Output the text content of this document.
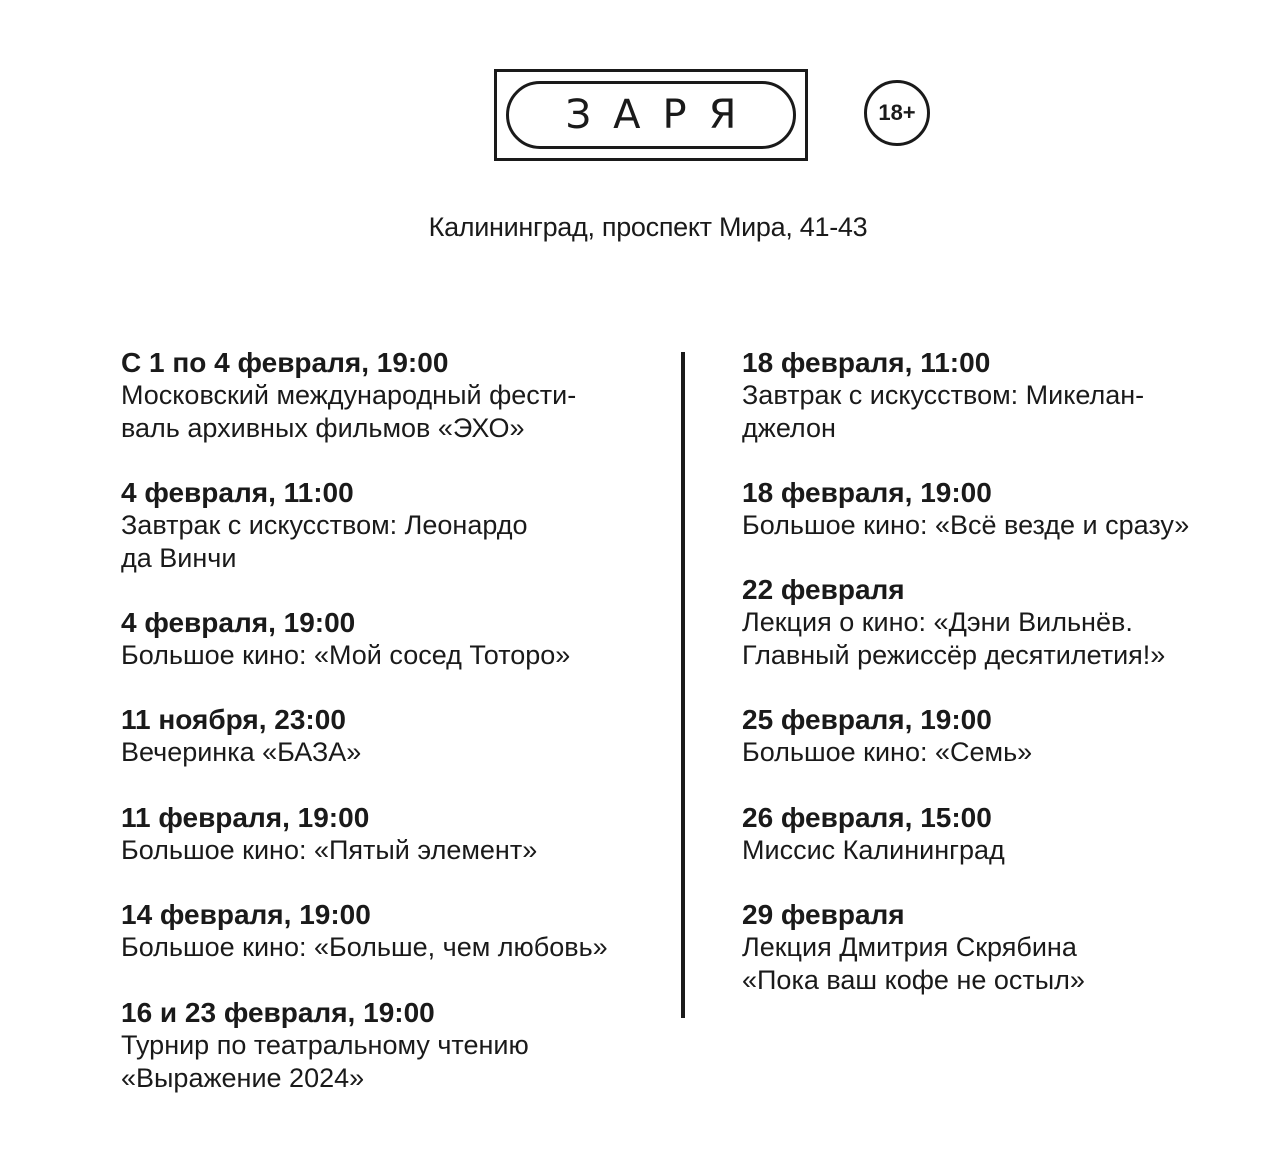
ЗАРЯ	18+
Калининград, проспект Мира, 41-43
С 1 по 4 февраля, 19:00
Московский международный фести-
валь архивных фильмов «ЭХО»
4 февраля, 11:00
Завтрак с искусством: Леонардо
да Винчи
4 февраля, 19:00
Большое кино: «Мой сосед Тоторо»
11 ноября, 23:00
Вечеринка «БАЗА»
11 февраля, 19:00
Большое кино: «Пятый элемент»
14 февраля, 19:00
Большое кино: «Больше, чем любовь»
16 и 23 февраля, 19:00
Турнир по театральному чтению
«Выражение 2024»
18 февраля, 11:00
Завтрак с искусством: Микелан-
джелон
18 февраля, 19:00
Большое кино: «Всё везде и сразу»
22 февраля
Лекция о кино: «Дэни Вильнёв.
Главный режиссёр десятилетия!»
25 февраля, 19:00
Большое кино: «Семь»
26 февраля, 15:00
Миссис Калининград
29 февраля
Лекция Дмитрия Скрябина
«Пока ваш кофе не остыл»
